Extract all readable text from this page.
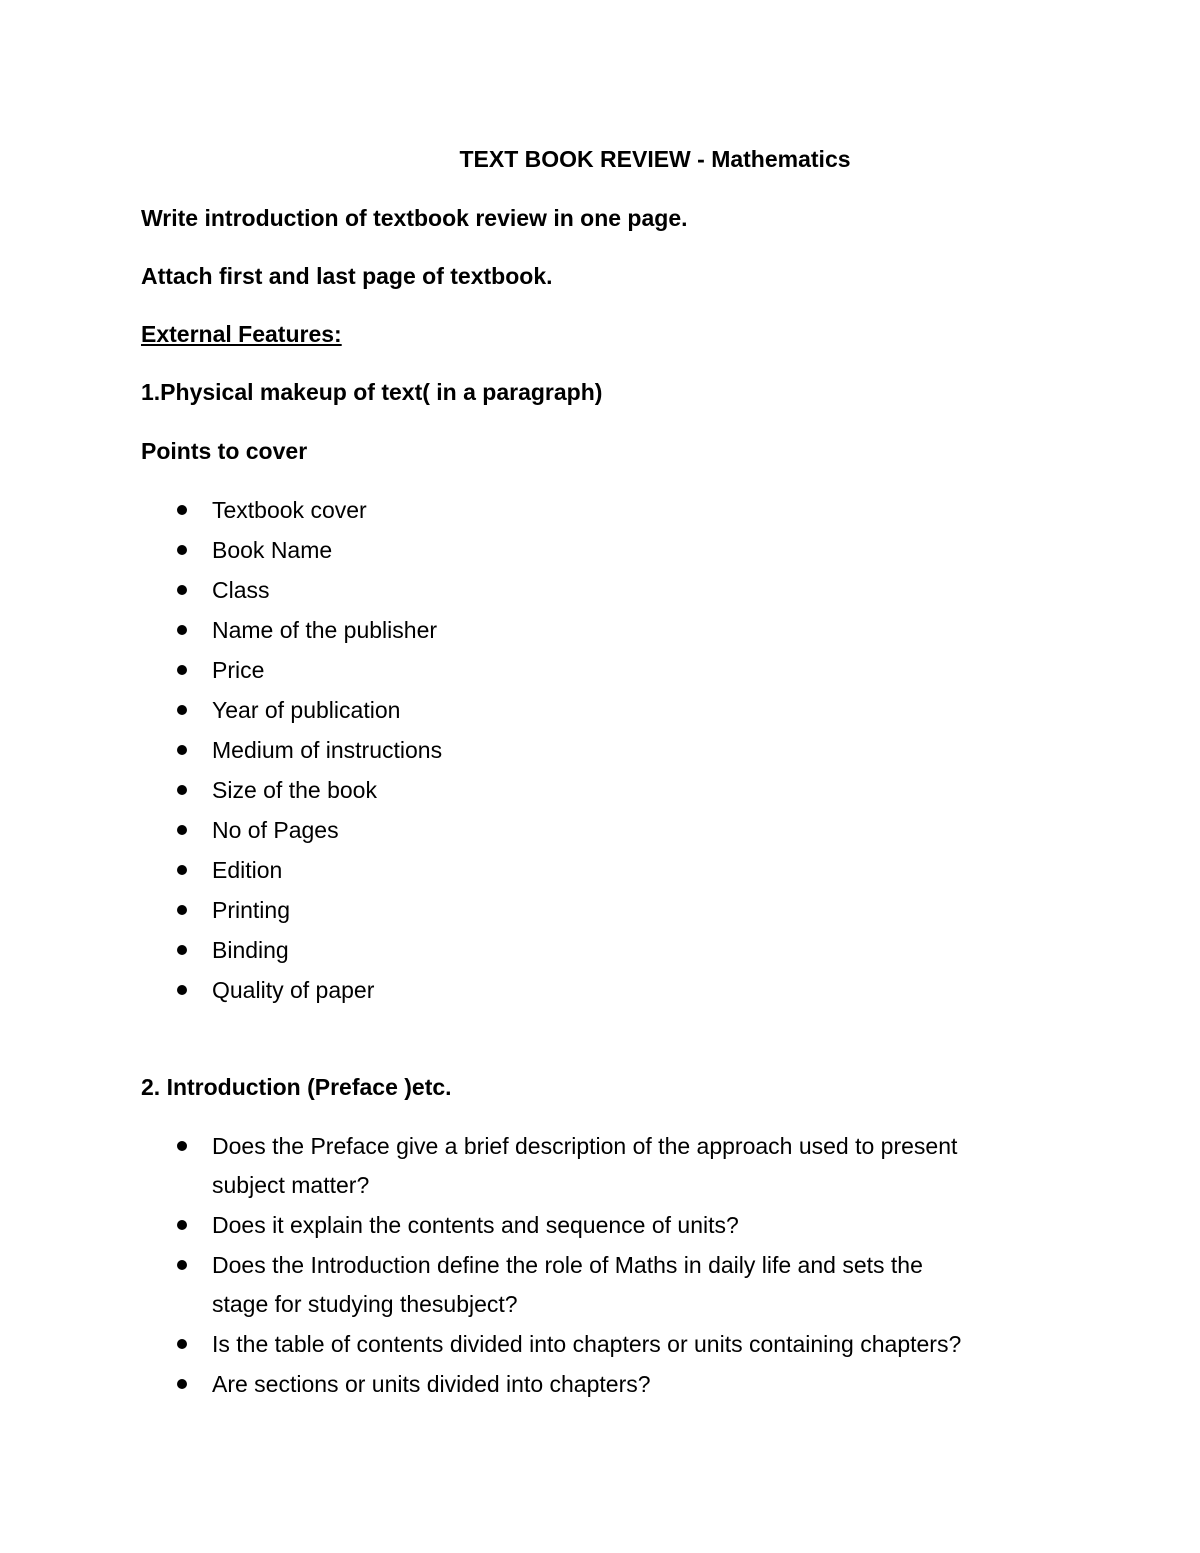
TEXT BOOK REVIEW - Mathematics
Write introduction of textbook review in one page.
Attach first and last page of textbook.
External Features:
1.Physical makeup of text( in a paragraph)
Points to cover
Textbook cover
Book Name
Class
Name of the publisher
Price
Year of publication
Medium of instructions
Size of the book
No of Pages
Edition
Printing
Binding
Quality of paper
2. Introduction (Preface )etc.
Does the Preface give a brief description of the approach used to present
subject matter?
Does it explain the contents and sequence of units?
Does the Introduction define the role of Maths in daily life and sets the
stage for studying thesubject?
Is the table of contents divided into chapters or units containing chapters?
Are sections or units divided into chapters?
